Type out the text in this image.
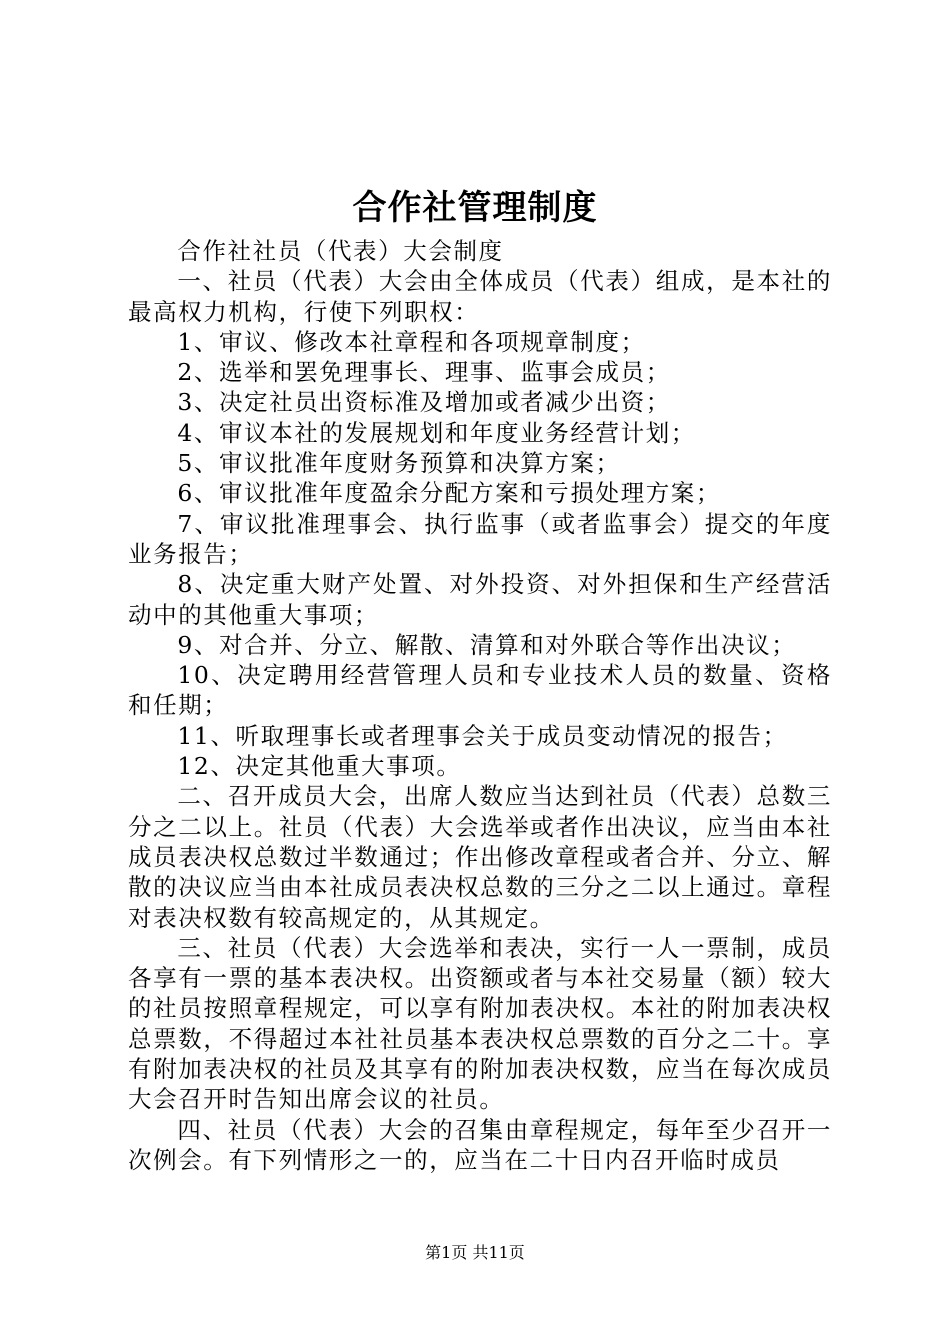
合作社管理制度

合作社社员（代表）大会制度

一、社员（代表）大会由全体成员（代表）组成，是本社的最高权力机构，行使下列职权：

1、审议、修改本社章程和各项规章制度；

2、选举和罢免理事长、理事、监事会成员；

3、决定社员出资标准及增加或者减少出资；

4、审议本社的发展规划和年度业务经营计划；

5、审议批准年度财务预算和决算方案；

6、审议批准年度盈余分配方案和亏损处理方案；

7、审议批准理事会、执行监事（或者监事会）提交的年度业务报告；

8、决定重大财产处置、对外投资、对外担保和生产经营活动中的其他重大事项；

9、对合并、分立、解散、清算和对外联合等作出决议；

10、决定聘用经营管理人员和专业技术人员的数量、资格和任期；

11、听取理事长或者理事会关于成员变动情况的报告；

12、决定其他重大事项。

二、召开成员大会，出席人数应当达到社员（代表）总数三分之二以上。社员（代表）大会选举或者作出决议，应当由本社成员表决权总数过半数通过；作出修改章程或者合并、分立、解散的决议应当由本社成员表决权总数的三分之二以上通过。章程对表决权数有较高规定的，从其规定。

三、社员（代表）大会选举和表决，实行一人一票制，成员各享有一票的基本表决权。出资额或者与本社交易量（额）较大的社员按照章程规定，可以享有附加表决权。本社的附加表决权总票数，不得超过本社社员基本表决权总票数的百分之二十。享有附加表决权的社员及其享有的附加表决权数，应当在每次成员大会召开时告知出席会议的社员。

四、社员（代表）大会的召集由章程规定，每年至少召开一次例会。有下列情形之一的，应当在二十日内召开临时成员

第1页 共11页
